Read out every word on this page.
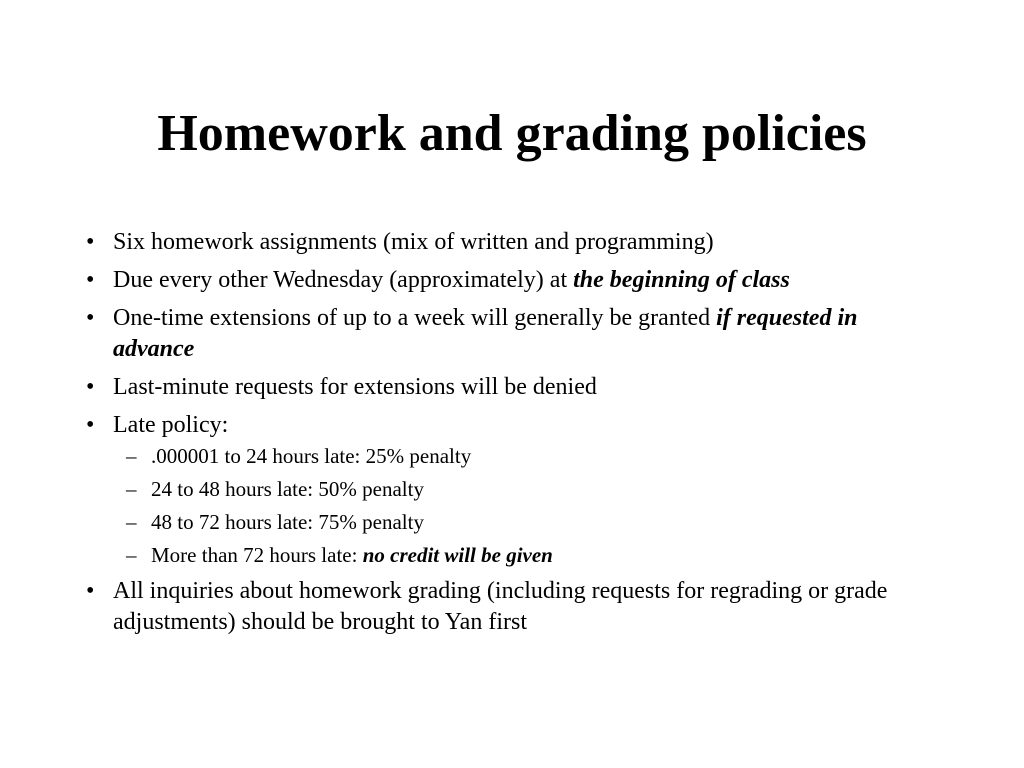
Homework and grading policies
• Six homework assignments (mix of written and programming)
• Due every other Wednesday (approximately) at the beginning of class
• One-time extensions of up to a week will generally be granted if requested in advance
• Last-minute requests for extensions will be denied
• Late policy:
– .000001 to 24 hours late: 25% penalty
– 24 to 48 hours late: 50% penalty
– 48 to 72 hours late: 75% penalty
– More than 72 hours late: no credit will be given
• All inquiries about homework grading (including requests for regrading or grade adjustments) should be brought to Yan first
